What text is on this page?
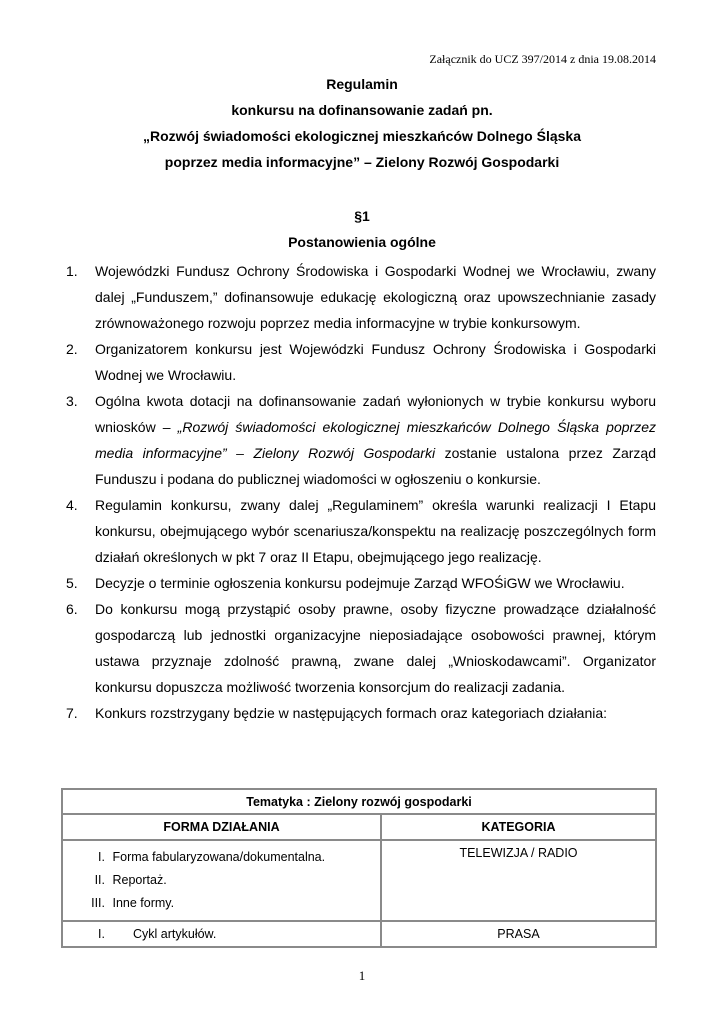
Załącznik do UCZ 397/2014 z dnia 19.08.2014
Regulamin
konkursu na dofinansowanie zadań pn.
„Rozwój świadomości ekologicznej mieszkańców Dolnego Śląska
poprzez media informacyjne” – Zielony Rozwój Gospodarki
§1
Postanowienia ogólne
1. Wojewódzki Fundusz Ochrony Środowiska i Gospodarki Wodnej we Wrocławiu, zwany dalej „Funduszem,” dofinansowuje edukację ekologiczną oraz upowszechnianie zasady zrównoważonego rozwoju poprzez media informacyjne w trybie konkursowym.
2. Organizatorem konkursu jest Wojewódzki Fundusz Ochrony Środowiska i Gospodarki Wodnej we Wrocławiu.
3. Ogólna kwota dotacji na dofinansowanie zadań wyłonionych w trybie konkursu wyboru wniosków – „Rozwój świadomości ekologicznej mieszkańców Dolnego Śląska poprzez media informacyjne” – Zielony Rozwój Gospodarki zostanie ustalona przez Zarząd Funduszu i podana do publicznej wiadomości w ogłoszeniu o konkursie.
4. Regulamin konkursu, zwany dalej „Regulaminem” określa warunki realizacji I Etapu konkursu, obejmującego wybór scenariusza/konspektu na realizację poszczególnych form działań określonych w pkt 7 oraz II Etapu, obejmującego jego realizację.
5. Decyzje o terminie ogłoszenia konkursu podejmuje Zarząd WFOŚiGW we Wrocławiu.
6. Do konkursu mogą przystąpić osoby prawne, osoby fizyczne prowadzące działalność gospodarczą lub jednostki organizacyjne nieposiadające osobowości prawnej, którym ustawa przyznaje zdolność prawną, zwane dalej „Wnioskodawcami”. Organizator konkursu dopuszcza możliwość tworzenia konsorcjum do realizacji zadania.
7. Konkurs rozstrzygany będzie w następujących formach oraz kategoriach działania:
Tematyka : Zielony rozwój gospodarki	
FORMA DZIAŁANIA	KATEGORIA

I. Forma fabularyzowana/dokumentalna.
II. Reportaż.
III. Inne formy.	TELEWIZJA / RADIO

I. Cykl artykułów.	PRASA
1
